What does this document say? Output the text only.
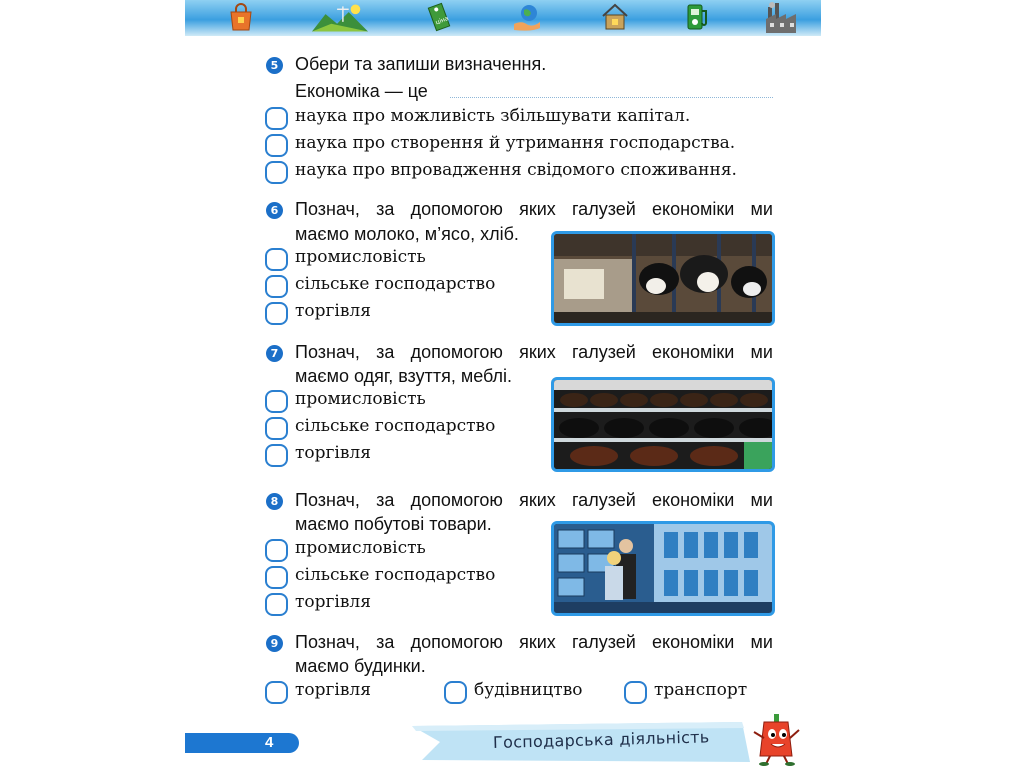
ціна
5 Обери та запиши визначення.
Економіка — це
наука про можливість збільшувати капітал.
наука про створення й утримання господарства.
наука про впровадження свідомого споживання.
6 Познач, за допомогою яких галузей економіки ми
маємо молоко, м’ясо, хліб.
промисловість
сільське господарство
торгівля
7 Познач, за допомогою яких галузей економіки ми
маємо одяг, взуття, меблі.
промисловість
сільське господарство
торгівля
8 Познач, за допомогою яких галузей економіки ми
маємо побутові товари.
промисловість
сільське господарство
торгівля
9 Познач, за допомогою яких галузей економіки ми
маємо будинки.
торгівля	будівництво	транспорт
4	Господарська діяльність
